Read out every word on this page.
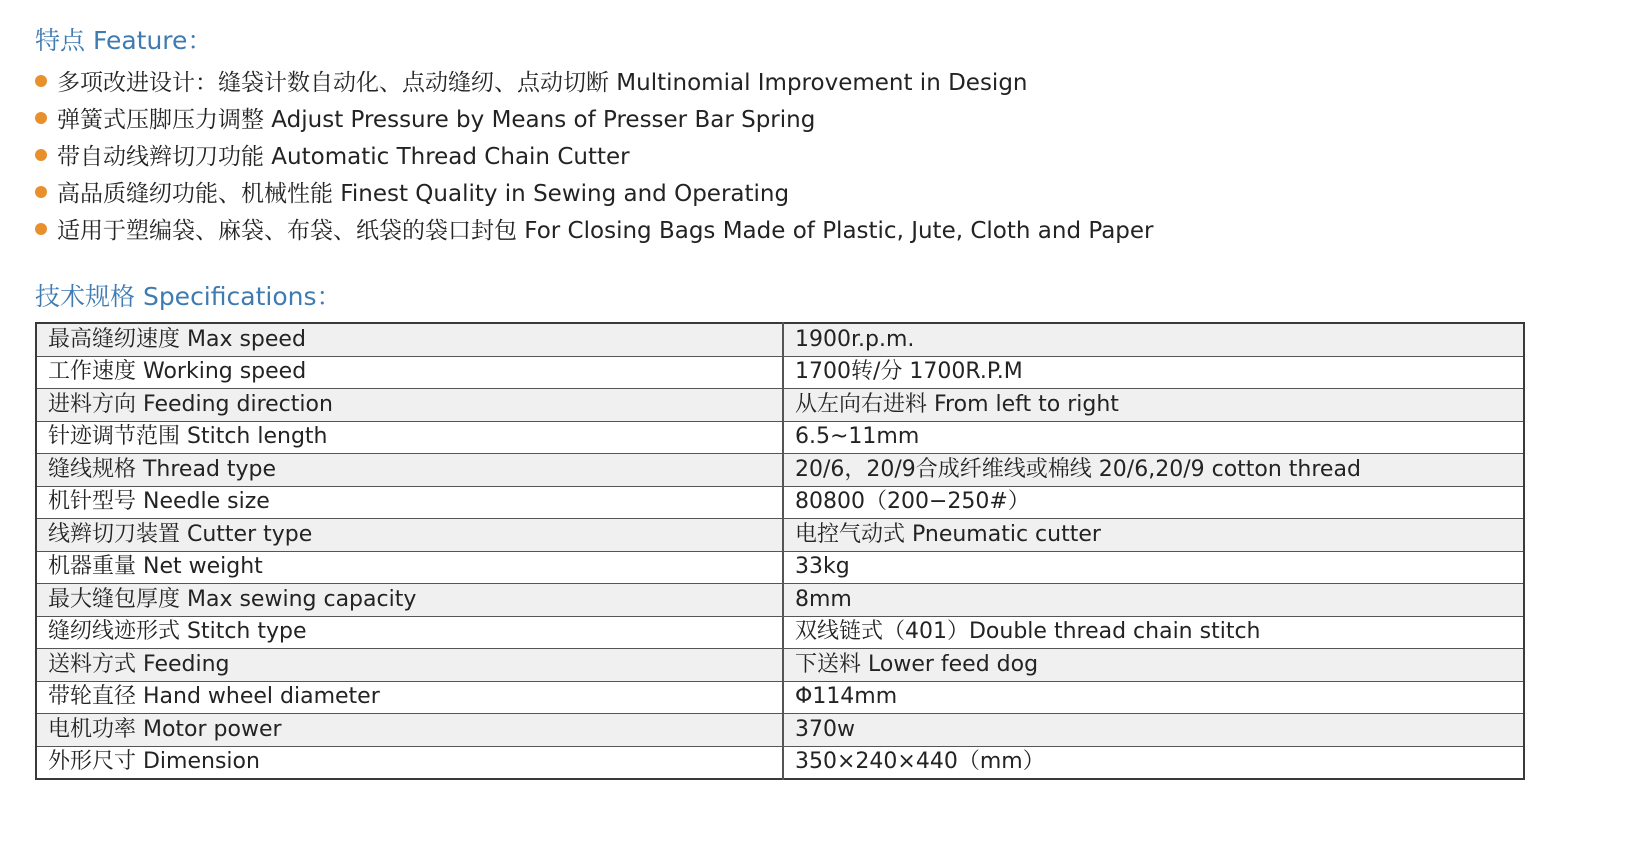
特点 Feature：
多项改进设计：缝袋计数自动化、点动缝纫、点动切断 Multinomial Improvement in Design
弹簧式压脚压力调整 Adjust Pressure by Means of Presser Bar Spring
带自动线辫切刀功能 Automatic Thread Chain Cutter
高品质缝纫功能、机械性能 Finest Quality in Sewing and Operating
适用于塑编袋、麻袋、布袋、纸袋的袋口封包 For Closing Bags Made of Plastic, Jute, Cloth and Paper
技术规格 Specifications：
最高缝纫速度 Max speed	1900r.p.m.
工作速度 Working speed	1700转/分 1700R.P.M
进料方向 Feeding direction	从左向右进料 From left to right
针迹调节范围 Stitch length	6.5~11mm
缝线规格 Thread type	20/6，20/9合成纤维线或棉线 20/6,20/9 cotton thread
机针型号 Needle size	80800（200−250#）
线辫切刀装置 Cutter type	电控气动式 Pneumatic cutter
机器重量 Net weight	33kg
最大缝包厚度 Max sewing capacity	8mm
缝纫线迹形式 Stitch type	双线链式（401）Double thread chain stitch
送料方式 Feeding	下送料 Lower feed dog
带轮直径 Hand wheel diameter	Φ114mm
电机功率 Motor power	370w
外形尺寸 Dimension	350×240×440（mm）
